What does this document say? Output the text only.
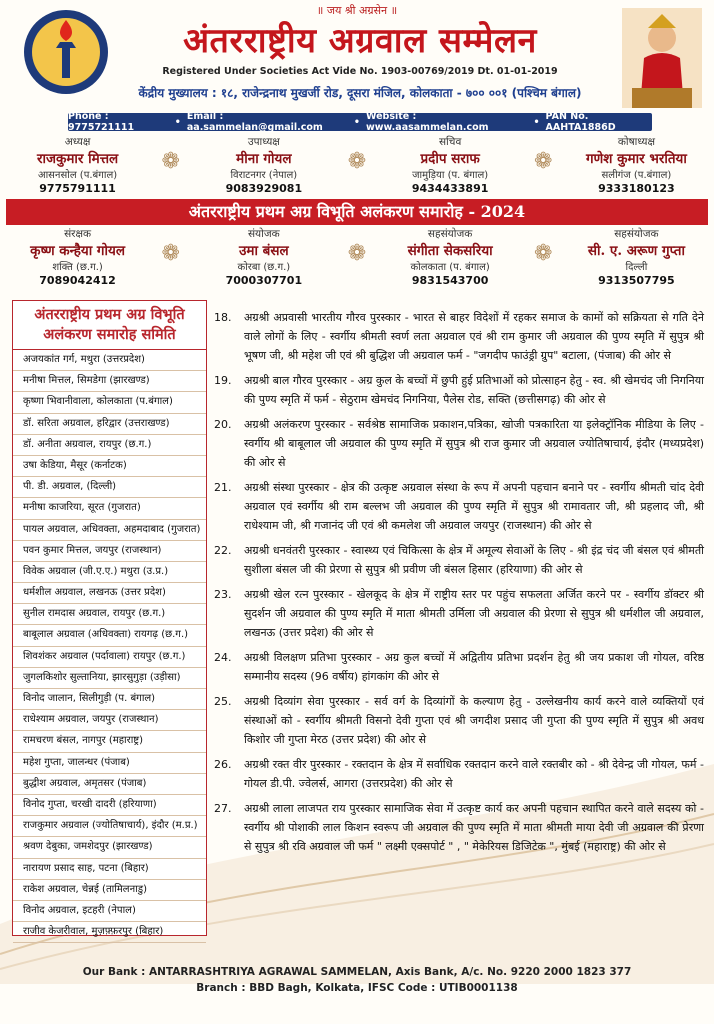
॥ जय श्री अग्रसेन ॥
अंतरराष्ट्रीय अग्रवाल सम्मेलन
Registered Under Societies Act Vide No. 1903-00769/2019 Dt. 01-01-2019
केंद्रीय मुख्यालय : १८, राजेन्द्रनाथ मुखर्जी रोड, दूसरा मंजिल, कोलकाता - ७०० ००१ (पश्चिम बंगाल)
Phone : 9775721111	• Email : aa.sammelan@gmail.com	• Website : www.aasammelan.com	• PAN No. AAHTA1886D
अध्यक्ष
राजकुमार मित्तल
आसनसोल (प.बंगाल)
9775791111
❁
उपाध्यक्ष
मीना गोयल
विराटनगर (नेपाल)
9083929081
❁
सचिव
प्रदीप सराफ
जामुड़िया (प. बंगाल)
9434433891
❁
कोषाध्यक्ष
गणेश कुमार भरतिया
सलीगंज (प.बंगाल)
9333180123
अंतरराष्ट्रीय प्रथम अग्र विभूति अलंकरण समारोह - 2024
संरक्षक
कृष्ण कन्हैया गोयल
शक्ति (छ.ग.)
7089042412
❁
संयोजक
उमा बंसल
कोरबा (छ.ग.)
7000307701
❁
सहसंयोजक
संगीता सेकसरिया
कोलकाता (प. बंगाल)
9831543700
❁
सहसंयोजक
सी. ए. अरूण गुप्ता
दिल्ली
9313507795
अंतरराष्ट्रीय प्रथम अग्र विभूति अलंकरण समारोह समिति
अजयकांत गर्ग, मथुरा (उत्तरप्रदेश)
मनीषा मित्तल, सिमडेगा (झारखण्ड)
कृष्णा भिवानीवाला, कोलकाता (प.बंगाल)
डॉ. सरिता अग्रवाल, हरिद्वार (उत्तराखण्ड)
डॉ. अनीता अग्रवाल, रायपुर (छ.ग.)
उषा केडिया, मैसूर (कर्नाटक)
पी. डी. अग्रवाल, (दिल्ली)
मनीषा काजरिया, सूरत (गुजरात)
पायल अग्रवाल, अधिवक्ता, अहमदाबाद (गुजरात)
पवन कुमार मित्तल, जयपुर (राजस्थान)
विवेक अग्रवाल (जी.ए.ए.) मथुरा (उ.प्र.)
धर्मशील अग्रवाल, लखनऊ (उत्तर प्रदेश)
सुनील रामदास अग्रवाल, रायपुर (छ.ग.)
बाबूलाल अग्रवाल (अधिवक्ता) रायगढ़ (छ.ग.)
शिवशंकर अग्रवाल (पर्दावाला) रायपुर (छ.ग.)
जुगलकिशोर सुल्तानिया, झारसुगुड़ा (उड़ीसा)
विनोद जालान, सिलीगुड़ी (प. बंगाल)
राधेश्याम अग्रवाल, जयपुर (राजस्थान)
रामचरण बंसल, नागपुर (महाराष्ट्र)
महेश गुप्ता, जालन्धर (पंजाब)
बुद्धीश अग्रवाल, अमृतसर (पंजाब)
विनोद गुप्ता, चरखी दादरी (हरियाणा)
राजकुमार अग्रवाल (ज्योतिषाचार्य), इंदौर (म.प्र.)
श्रवण देबुका, जमशेदपुर (झारखण्ड)
नारायण प्रसाद साह, पटना (बिहार)
राकेश अग्रवाल, चेन्नई (तामिलनाडु)
विनोद अग्रवाल, इटहरी (नेपाल)
राजीव केजरीवाल, मुज़फ़्फ़रपुर (बिहार)
18.	अग्रश्री अप्रवासी भारतीय गौरव पुरस्कार - भारत से बाहर विदेशों में रहकर समाज के कामों को सक्रियता से गति देने वाले लोगों के लिए - स्वर्गीय श्रीमती स्वर्ण लता अग्रवाल एवं श्री राम कुमार जी अग्रवाल की पुण्य स्मृति में सुपुत्र श्री भूषण जी, श्री महेश जी एवं श्री बुद्धिश जी अग्रवाल फर्म - "जगदीप फाउंड्री ग्रुप" बटाला, (पंजाब) की ओर से
19.	अग्रश्री बाल गौरव पुरस्कार - अग्र कुल के बच्चों में छुपी हुई प्रतिभाओं को प्रोत्साहन हेतु - स्व. श्री खेमचंद जी निगनिया की पुण्य स्मृति में फर्म - सेठुराम खेमचंद निगनिया, पैलेस रोड, सक्ति (छत्तीसगढ़) की ओर से
20.	अग्रश्री अलंकरण पुरस्कार - सर्वश्रेष्ठ सामाजिक प्रकाशन,पत्रिका, खोजी पत्रकारिता या इलेक्ट्रॉनिक मीडिया के लिए - स्वर्गीय श्री बाबूलाल जी अग्रवाल की पुण्य स्मृति में सुपुत्र श्री राज कुमार जी अग्रवाल ज्योतिषाचार्य, इंदौर (मध्यप्रदेश) की ओर से
21.	अग्रश्री संस्था पुरस्कार - क्षेत्र की उत्कृष्ट अग्रवाल संस्था के रूप में अपनी पहचान बनाने पर - स्वर्गीय श्रीमती चांद देवी अग्रवाल एवं स्वर्गीय श्री राम बल्लभ जी अग्रवाल की पुण्य स्मृति में सुपुत्र श्री रामावतार जी, श्री प्रहलाद जी, श्री राधेश्याम जी, श्री गजानंद जी एवं श्री कमलेश जी अग्रवाल जयपुर (राजस्थान) की ओर से
22.	अग्रश्री धनवंतरी पुरस्कार - स्वास्थ्य एवं चिकित्सा के क्षेत्र में अमूल्य सेवाओं के लिए - श्री इंद्र चंद जी बंसल एवं श्रीमती सुशीला बंसल जी की प्रेरणा से सुपुत्र श्री प्रवीण जी बंसल हिसार (हरियाणा) की ओर से
23.	अग्रश्री खेल रत्न पुरस्कार - खेलकूद के क्षेत्र में राष्ट्रीय स्तर पर पहुंच सफलता अर्जित करने पर - स्वर्गीय डॉक्टर श्री सुदर्शन जी अग्रवाल की पुण्य स्मृति में माता श्रीमती उर्मिला जी अग्रवाल की प्रेरणा से सुपुत्र श्री धर्मशील जी अग्रवाल, लखनऊ (उत्तर प्रदेश) की ओर से
24.	अग्रश्री विलक्षण प्रतिभा पुरस्कार - अग्र कुल बच्चों में अद्वितीय प्रतिभा प्रदर्शन हेतु श्री जय प्रकाश जी गोयल, वरिष्ठ सम्मानीय सदस्य (96 वर्षीय) हांगकांग की ओर से
25.	अग्रश्री दिव्यांग सेवा पुरस्कार - सर्व वर्ग के दिव्यांगों के कल्याण हेतु - उल्लेखनीय कार्य करने वाले व्यक्तियों एवं संस्थाओं को - स्वर्गीय श्रीमती विसनो देवी गुप्ता एवं श्री जगदीश प्रसाद जी गुप्ता की पुण्य स्मृति में सुपुत्र श्री अवध किशोर जी गुप्ता मेरठ (उत्तर प्रदेश) की ओर से
26.	अग्रश्री रक्त वीर पुरस्कार - रक्तदान के क्षेत्र में सर्वाधिक रक्तदान करने वाले रक्तबीर को - श्री देवेन्द्र जी गोयल, फर्म - गोयल डी.पी. ज्वेलर्स, आगरा (उत्तरप्रदेश) की ओर से
27.	अग्रश्री लाला लाजपत राय पुरस्कार सामाजिक सेवा में उत्कृष्ट कार्य कर अपनी पहचान स्थापित करने वाले सदस्य को - स्वर्गीय श्री पोशाकी लाल किशन स्वरूप जी अग्रवाल की पुण्य स्मृति में माता श्रीमती माया देवी जी अग्रवाल की प्रेरणा से सुपुत्र श्री रवि अग्रवाल जी फर्म " लक्ष्मी एक्सपोर्ट " , " मेकेरियस डिजिटेक ", मुंबई (महाराष्ट्र) की ओर से
Our Bank : ANTARRASHTRIYA AGRAWAL SAMMELAN, Axis Bank, A/c. No. 9220 2000 1823 377
Branch : BBD Bagh, Kolkata, IFSC Code : UTIB0001138
